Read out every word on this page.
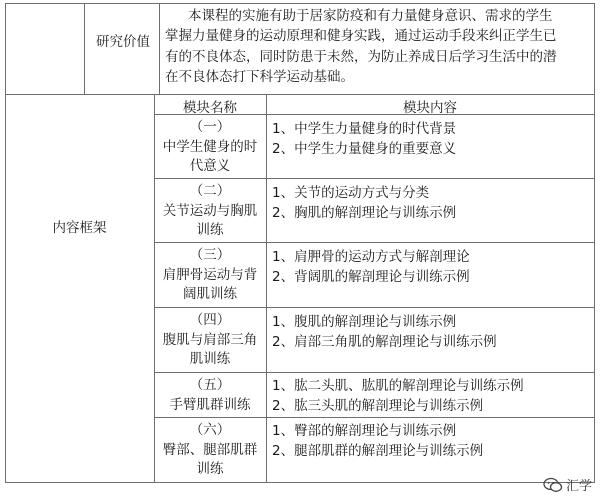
研究价值
本课程的实施有助于居家防疫和有力量健身意识、需求的学生
掌握力量健身的运动原理和健身实践，通过运动手段来纠正学生已
有的不良体态，同时防患于未然，为防止养成日后学习生活中的潜
在不良体态打下科学运动基础。
内容框架
模块名称	模块内容
（一）
中学生健身的时
代意义
1、中学生力量健身的时代背景
2、中学生力量健身的重要意义
（二）
关节运动与胸肌
训练
1、关节的运动方式与分类
2、胸肌的解剖理论与训练示例
（三）
肩胛骨运动与背
阔肌训练
1、肩胛骨的运动方式与解剖理论
2、背阔肌的解剖理论与训练示例
（四）
腹肌与肩部三角
肌训练
1、腹肌的解剖理论与训练示例
2、肩部三角肌的解剖理论与训练示例
（五）
手臂肌群训练
1、肱二头肌、肱肌的解剖理论与训练示例
2、肱三头肌的解剖理论与训练示例
（六）
臀部、腿部肌群
训练
1、臀部的解剖理论与训练示例
2、腿部肌群的解剖理论与训练示例
汇学
